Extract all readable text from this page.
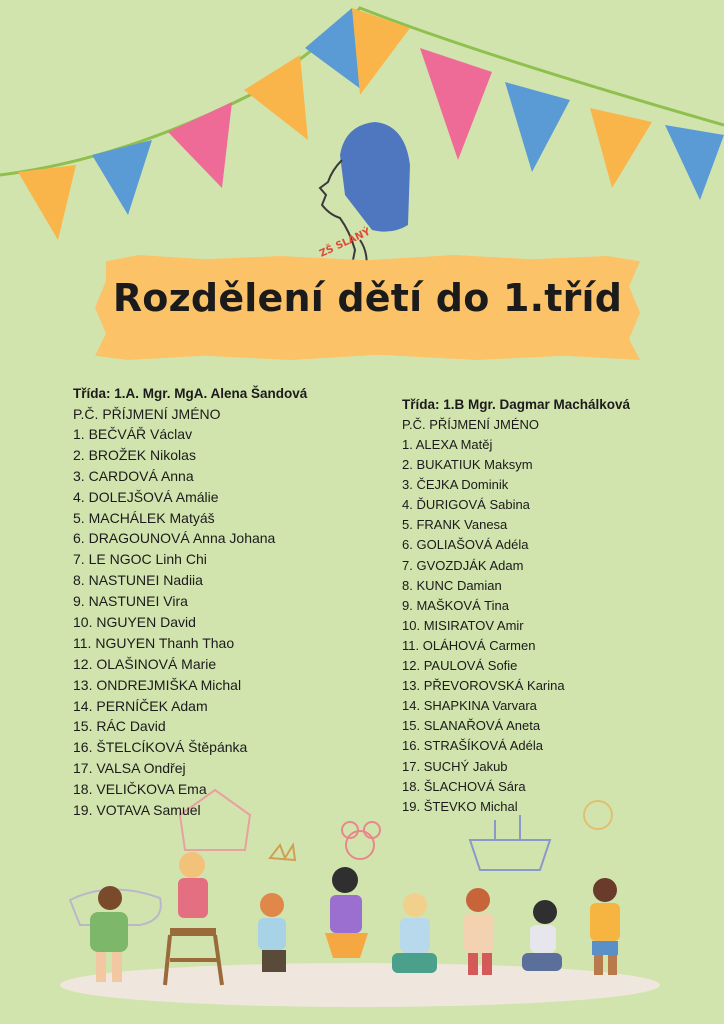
ZŠ SLANÝ
Rozdělení dětí do 1.tříd
Třída: 1.A. Mgr. MgA. Alena Šandová
P.Č. PŘÍJMENÍ JMÉNO
1. BEČVÁŘ Václav
2. BROŽEK Nikolas
3. CARDOVÁ Anna
4. DOLEJŠOVÁ Amálie
5. MACHÁLEK Matyáš
6. DRAGOUNOVÁ Anna Johana
7. LE NGOC Linh Chi
8. NASTUNEI Nadiia
9. NASTUNEI Vira
10. NGUYEN David
11. NGUYEN Thanh Thao
12. OLAŠINOVÁ Marie
13. ONDREJMIŠKA Michal
14. PERNÍČEK Adam
15. RÁC David
16. ŠTELCÍKOVÁ Štěpánka
17. VALSA Ondřej
18. VELIČKOVA Ema
19. VOTAVA Samuel
Třída: 1.B Mgr. Dagmar Machálková
P.Č. PŘÍJMENÍ JMÉNO
1. ALEXA Matěj
2. BUKATIUK Maksym
3. ČEJKA Dominik
4. ĎURIGOVÁ Sabina
5. FRANK Vanesa
6. GOLIAŠOVÁ Adéla
7. GVOZDJÁK Adam
8. KUNC Damian
9. MAŠKOVÁ Tina
10. MISIRATOV Amir
11. OLÁHOVÁ Carmen
12. PAULOVÁ Sofie
13. PŘEVOROVSKÁ Karina
14. SHAPKINA Varvara
15. SLANAŘOVÁ Aneta
16. STRAŠÍKOVÁ Adéla
17. SUCHÝ Jakub
18. ŠLACHOVÁ Sára
19. ŠTEVKO Michal
